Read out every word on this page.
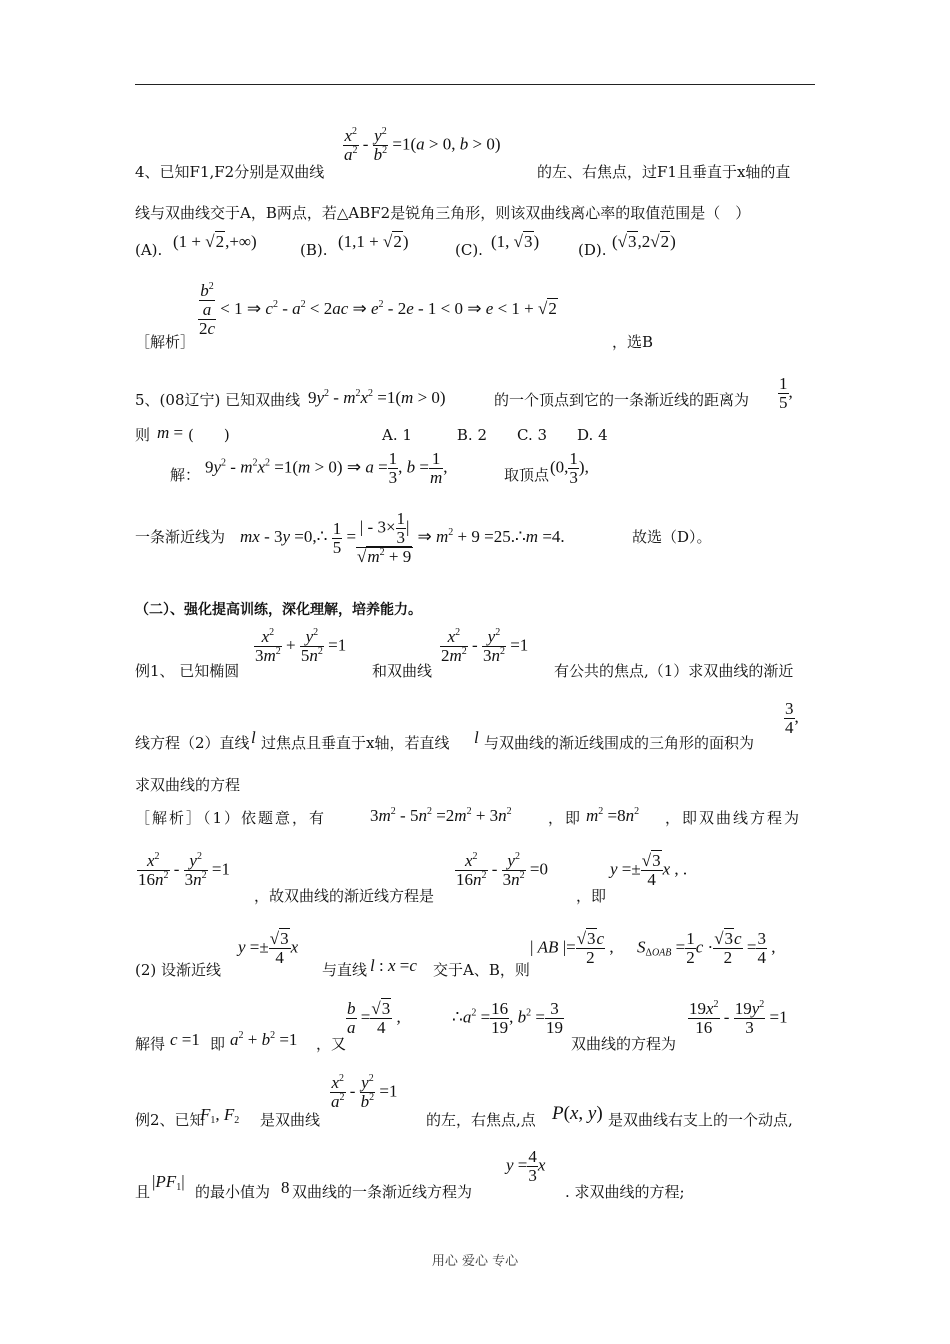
$\frac{x^2}{a^2} - \frac{y^2}{b^2} =1(a > 0$, b > 0)
4、已知F1,F2分别是双曲线	的左、右焦点，过F1且垂直于x轴的直
线与双曲线交于A，B两点，若△ABF2是锐角三角形，则该双曲线离心率的取值范围是（　）
(A). (1 + √2,+∞)	(B). (1,1 + √2)	(C). (1, √3)	(D). (√3,2√2)
［解析］
$\frac{\frac{b^2}{a}}{2c} < 1$ ⇒ $c^2 - a^2 < 2ac$ ⇒ $e^2 - 2e - 1 < 0$ ⇒ e < 1 + √2
，选B
5、(08辽宁) 已知双曲线 $9y^2 - m^2x^2 =1(m > 0)$	的一个顶点到它的一条渐近线的距离为 $\frac{1}{5}$ ,
则 m = (　　)	A. 1　　　B. 2　　C. 3　　D. 4
解： $9y^2 - m^2x^2 =1(m > 0)$ ⇒ $a = \frac{1}{3}$ , $b = \frac{1}{m}$ ,	取顶点 (0, $\frac{1}{3}$ ),
一条渐近线为 mx - 3y =0,∴ $\frac{1}{5} = \frac{| - 3\times \frac{1}{3} |}{√m^2 + 9}$ ⇒ $m^2 + 9$ =25.∴m =4.	故选（D）。
（二）、强化提高训练，深化理解，培养能力。
例1、 已知椭圆
$\frac{x^2}{3m^2} + \frac{y^2}{5n^2} =1$
和双曲线
$\frac{x^2}{2m^2} - \frac{y^2}{3n^2} =1$
有公共的焦点,（1）求双曲线的渐近
线方程（2）直线 l 过焦点且垂直于x轴，若直线 l 与双曲线的渐近线围成的三角形的面积为
$\frac{3}{4}$ ,
求双曲线的方程
［解析］（1）依题意，有	$3m^2 - 5n^2 =2m^2 + 3n^2$ ，即 $m^2 =8n^2$ ，即双曲线方程为
$\frac{x^2}{16n^2} - \frac{y^2}{3n^2} =1$
，故双曲线的渐近线方程是
$\frac{x^2}{16n^2} - \frac{y^2}{3n^2} =0$
，即
$y =\pm \frac{√3}{4}$ x , .
(2) 设渐近线
$y =\pm \frac{√3}{4}$ x
与直线 l : x =c 交于A、B，则
| AB |= $\frac{√3c}{2}$ , $S_{\Delta OAB} = \frac{1}{2}$ $c \cdot \frac{√3c}{2} = \frac{3}{4}$ ,
解得 c =1 即 $a^2 + b^2 =1$ ，又
$\frac{b}{a} = \frac{√3}{4}$ ,	$\therefore a^2 = \frac{16}{19}$ , $b^2 = \frac{3}{19}$
双曲线的方程为
$\frac{19x^2}{16} - \frac{19y^2}{3} =1$
例2、已知
$F_1$, $F_2$ 是双曲线
$\frac{x^2}{a^2} - \frac{y^2}{b^2} =1$
的左，右焦点,点 P(x, y) 是双曲线右支上的一个动点,
且
$|PF_1|$
的最小值为 8 双曲线的一条渐近线方程为
$y = \frac{4}{3}$ x
. 求双曲线的方程;
用心 爱心 专心
